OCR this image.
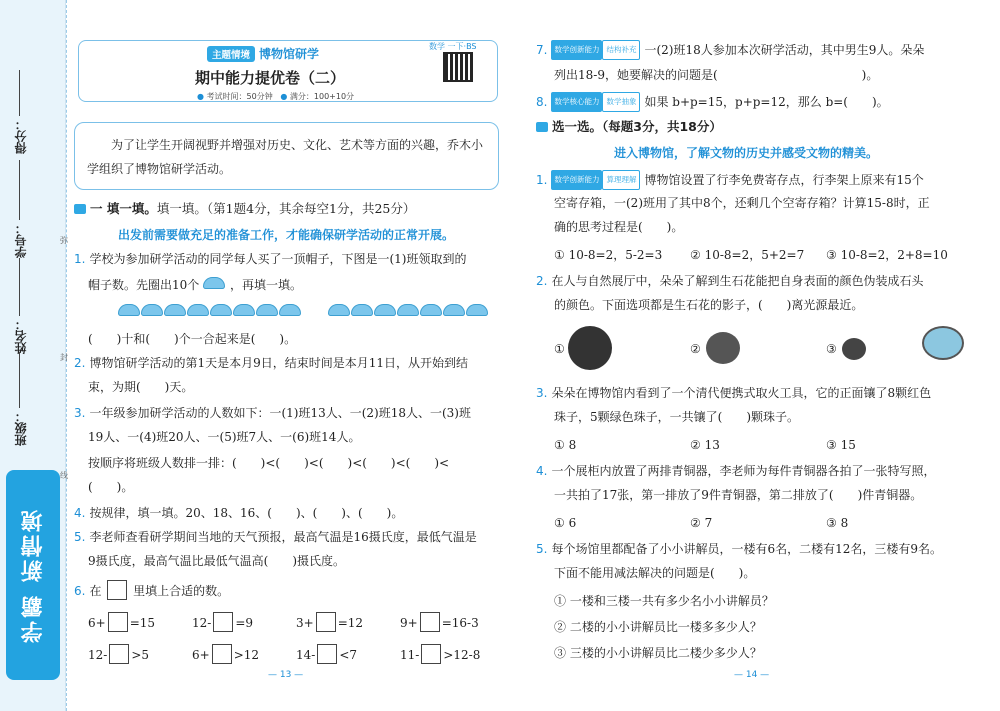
得分：
学号：
姓名：
班级：
弥
封
线
学霸 新情境
主题情境 博物馆研学
数学 一下·BS
期中能力提优卷（二）
● 考试时间：50分钟 ● 满分：100+10分
为了让学生开阔视野并增强对历史、文化、艺术等方面的兴趣，乔木小学组织了博物馆研学活动。
一 填一填。填一填。（第1题4分，其余每空1分，共25分）
出发前需要做充足的准备工作，才能确保研学活动的正常开展。
1. 学校为参加研学活动的同学每人买了一顶帽子，下图是一(1)班领取到的
帽子数。先圈出10个	，再填一填。
(　　)十和(　　)个一合起来是(　　)。
2. 博物馆研学活动的第1天是本月9日，结束时间是本月11日，从开始到结
束，为期(　　)天。
3. 一年级参加研学活动的人数如下：一(1)班13人、一(2)班18人、一(3)班
19人、一(4)班20人、一(5)班7人、一(6)班14人。
按顺序将班级人数排一排：(　　)<(　　)<(　　)<(　　)<(　　)<
(　　)。
4. 按规律，填一填。20、18、16、(　　)、(　　)、(　　)。
5. 李老师查看研学期间当地的天气预报，最高气温是16摄氏度，最低气温是
9摄氏度，最高气温比最低气温高(　　)摄氏度。
6. 在	里填上合适的数。
6+ =15	12- =9	3+ =12	9+ =16-3
12- >5	6+ >12	14- <7	11- >12-8
— 13 —
7. 数学创新能力 结构补充 一(2)班18人参加本次研学活动，其中男生9人。朵朵
列出18-9，她要解决的问题是(　　　　　　　　　　　　)。
8. 数学核心能力 数学抽象 如果 b+p=15，p+p=12，那么 b=(　　)。
选一选。（每题3分，共18分）
进入博物馆，了解文物的历史并感受文物的精美。
1. 数学创新能力 算理理解 博物馆设置了行李免费寄存点，行李架上原来有15个
空寄存箱，一(2)班用了其中8个，还剩几个空寄存箱？计算15-8时，正
确的思考过程是(　　)。
① 10-8=2，5-2=3 ② 10-8=2，5+2=7 ③ 10-8=2，2+8=10
2. 在人与自然展厅中，朵朵了解到生石花能把自身表面的颜色伪装成石头
的颜色。下面选项都是生石花的影子，(　　)离光源最近。
①	②	③
3. 朵朵在博物馆内看到了一个清代便携式取火工具，它的正面镶了8颗红色
珠子，5颗绿色珠子，一共镶了(　　)颗珠子。
① 8	② 13	③ 15
4. 一个展柜内放置了两排青铜器，李老师为每件青铜器各拍了一张特写照，
一共拍了17张，第一排放了9件青铜器，第二排放了(　　)件青铜器。
① 6	② 7	③ 8
5. 每个场馆里都配备了小小讲解员，一楼有6名，二楼有12名，三楼有9名。
下面不能用减法解决的问题是(　　)。
① 一楼和三楼一共有多少名小小讲解员？
② 二楼的小小讲解员比一楼多多少人？
③ 三楼的小小讲解员比二楼少多少人？
— 14 —
